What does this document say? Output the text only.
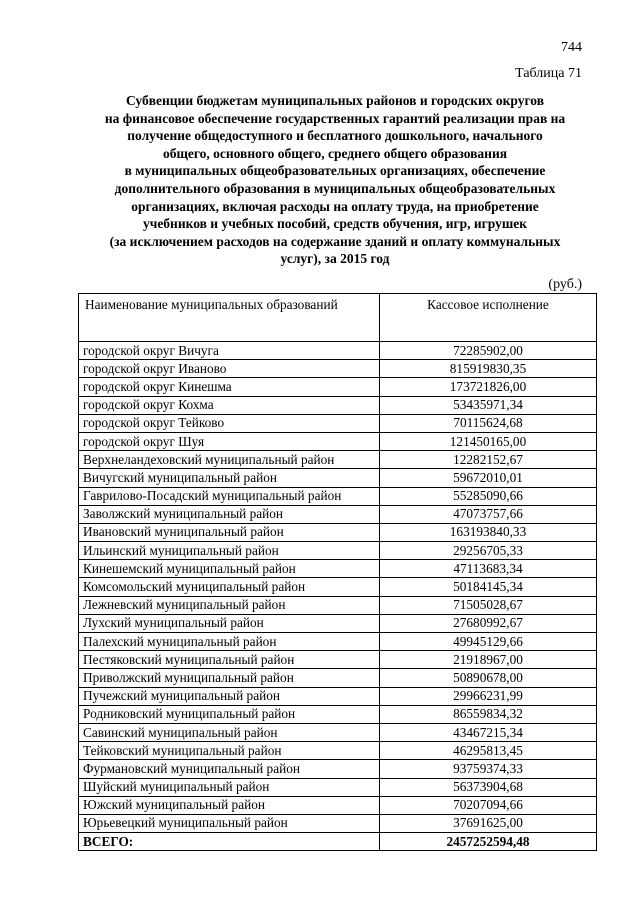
744
Таблица 71
Субвенции бюджетам муниципальных районов и городских округов
на финансовое обеспечение государственных гарантий реализации прав на
получение общедоступного и бесплатного дошкольного, начального
общего, основного общего, среднего общего образования
в муниципальных общеобразовательных организациях, обеспечение
дополнительного образования в муниципальных общеобразовательных
организациях, включая расходы на оплату труда, на приобретение
учебников и учебных пособий, средств обучения, игр, игрушек
(за исключением расходов на содержание зданий и оплату коммунальных
услуг), за 2015 год
(руб.)
Наименование муниципальных образований	Кассовое исполнение
городской округ Вичуга	72285902,00
городской округ Иваново	815919830,35
городской округ Кинешма	173721826,00
городской округ Кохма	53435971,34
городской округ Тейково	70115624,68
городской округ Шуя	121450165,00
Верхнеландеховский муниципальный район	12282152,67
Вичугский муниципальный район	59672010,01
Гаврилово-Посадский муниципальный район	55285090,66
Заволжский муниципальный район	47073757,66
Ивановский муниципальный район	163193840,33
Ильинский муниципальный район	29256705,33
Кинешемский муниципальный район	47113683,34
Комсомольский муниципальный район	50184145,34
Лежневский муниципальный район	71505028,67
Лухский муниципальный район	27680992,67
Палехский муниципальный район	49945129,66
Пестяковский муниципальный район	21918967,00
Приволжский муниципальный район	50890678,00
Пучежский муниципальный район	29966231,99
Родниковский муниципальный район	86559834,32
Савинский муниципальный район	43467215,34
Тейковский муниципальный район	46295813,45
Фурмановский муниципальный район	93759374,33
Шуйский муниципальный район	56373904,68
Южский муниципальный район	70207094,66
Юрьевецкий муниципальный район	37691625,00
ВСЕГО:	2457252594,48
